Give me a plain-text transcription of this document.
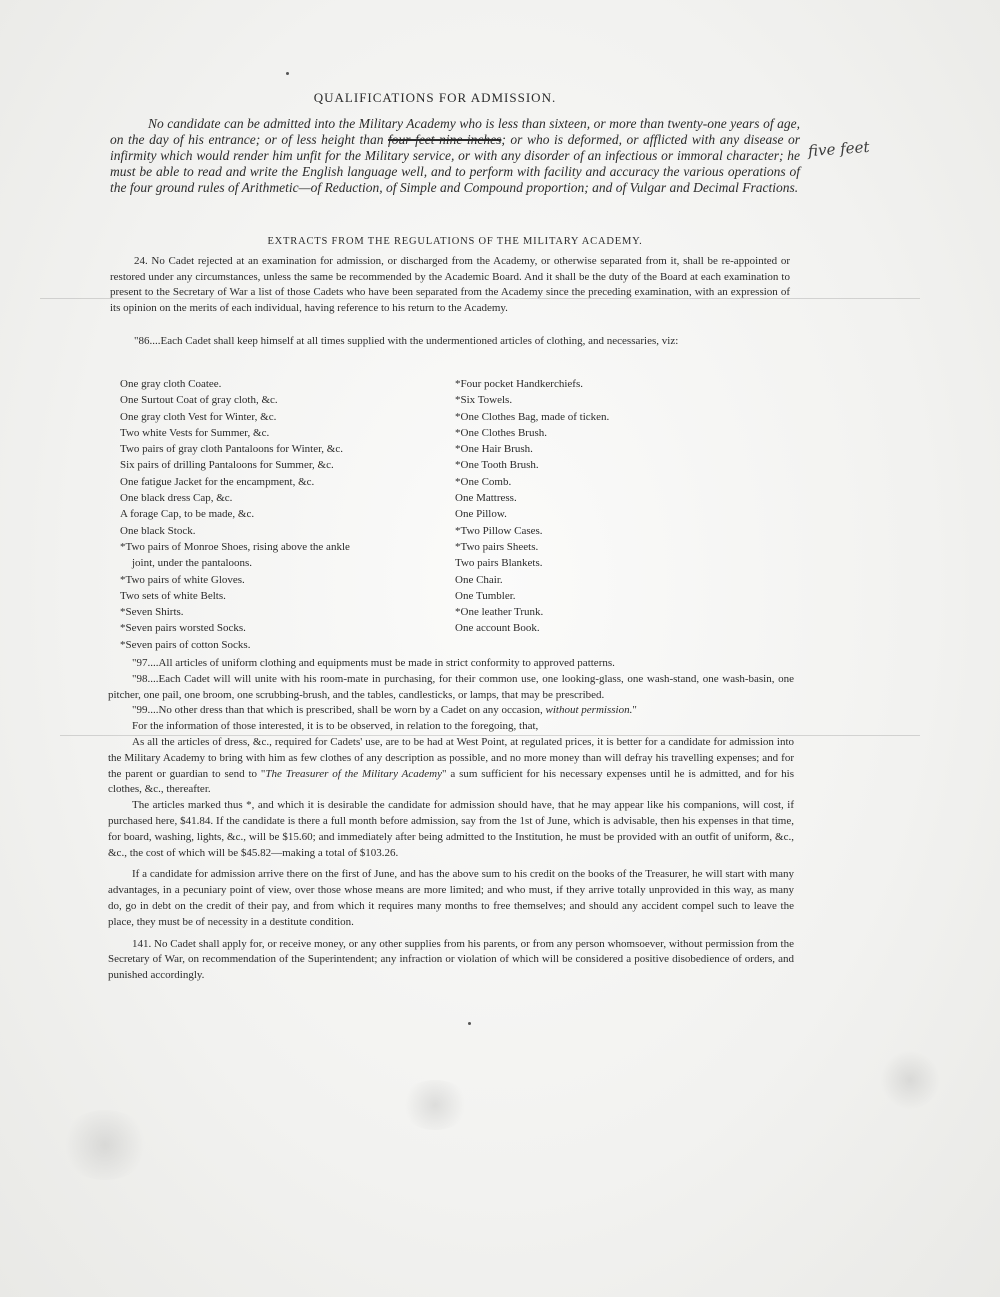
QUALIFICATIONS FOR ADMISSION.

No candidate can be admitted into the Military Academy who is less than sixteen, or more than twenty-one years of age, on the day of his entrance; or of less height than four feet nine inches; or who is deformed, or afflicted with any disease or infirmity which would render him unfit for the Military service, or with any disorder of an infectious or immoral character; he must be able to read and write the English language well, and to perform with facility and accuracy the various operations of the four ground rules of Arithmetic—of Reduction, of Simple and Compound proportion; and of Vulgar and Decimal Fractions.

five feet
EXTRACTS FROM THE REGULATIONS OF THE MILITARY ACADEMY.

24. No Cadet rejected at an examination for admission, or discharged from the Academy, or otherwise separated from it, shall be re-appointed or restored under any circumstances, unless the same be recommended by the Academic Board. And it shall be the duty of the Board at each examination to present to the Secretary of War a list of those Cadets who have been separated from the Academy since the preceding examination, with an expression of its opinion on the merits of each individual, having reference to his return to the Academy.

"86....Each Cadet shall keep himself at all times supplied with the undermentioned articles of clothing, and necessaries, viz:

One gray cloth Coatee.
One Surtout Coat of gray cloth, &c.
One gray cloth Vest for Winter, &c.
Two white Vests for Summer, &c.
Two pairs of gray cloth Pantaloons for Winter, &c.
Six pairs of drilling Pantaloons for Summer, &c.
One fatigue Jacket for the encampment, &c.
One black dress Cap, &c.
A forage Cap, to be made, &c.
One black Stock.
*Two pairs of Monroe Shoes, rising above the ankle
joint, under the pantaloons.
*Two pairs of white Gloves.
Two sets of white Belts.
*Seven Shirts.
*Seven pairs worsted Socks.
*Seven pairs of cotton Socks.
*Four pocket Handkerchiefs.
*Six Towels.
*One Clothes Bag, made of ticken.
*One Clothes Brush.
*One Hair Brush.
*One Tooth Brush.
*One Comb.
One Mattress.
One Pillow.
*Two Pillow Cases.
*Two pairs Sheets.
Two pairs Blankets.
One Chair.
One Tumbler.
*One leather Trunk.
One account Book.

"97....All articles of uniform clothing and equipments must be made in strict conformity to approved patterns.

"98....Each Cadet will will unite with his room-mate in purchasing, for their common use, one looking-glass, one wash-stand, one wash-basin, one pitcher, one pail, one broom, one scrubbing-brush, and the tables, candlesticks, or lamps, that may be prescribed.

"99....No other dress than that which is prescribed, shall be worn by a Cadet on any occasion, without permission."

For the information of those interested, it is to be observed, in relation to the foregoing, that,

As all the articles of dress, &c., required for Cadets' use, are to be had at West Point, at regulated prices, it is better for a candidate for admission into the Military Academy to bring with him as few clothes of any description as possible, and no more money than will defray his travelling expenses; and for the parent or guardian to send to "The Treasurer of the Military Academy" a sum sufficient for his necessary expenses until he is admitted, and for his clothes, &c., thereafter.

The articles marked thus *, and which it is desirable the candidate for admission should have, that he may appear like his companions, will cost, if purchased here, $41.84. If the candidate is there a full month before admission, say from the 1st of June, which is advisable, then his expenses in that time, for board, washing, lights, &c., will be $15.60; and immediately after being admitted to the Institution, he must be provided with an outfit of uniform, &c., &c., the cost of which will be $45.82—making a total of $103.26.

If a candidate for admission arrive there on the first of June, and has the above sum to his credit on the books of the Treasurer, he will start with many advantages, in a pecuniary point of view, over those whose means are more limited; and who must, if they arrive totally unprovided in this way, as many do, go in debt on the credit of their pay, and from which it requires many months to free themselves; and should any accident compel such to leave the place, they must be of necessity in a destitute condition.

141. No Cadet shall apply for, or receive money, or any other supplies from his parents, or from any person whomsoever, without permission from the Secretary of War, on recommendation of the Superintendent; any infraction or violation of which will be considered a positive disobedience of orders, and punished accordingly.
